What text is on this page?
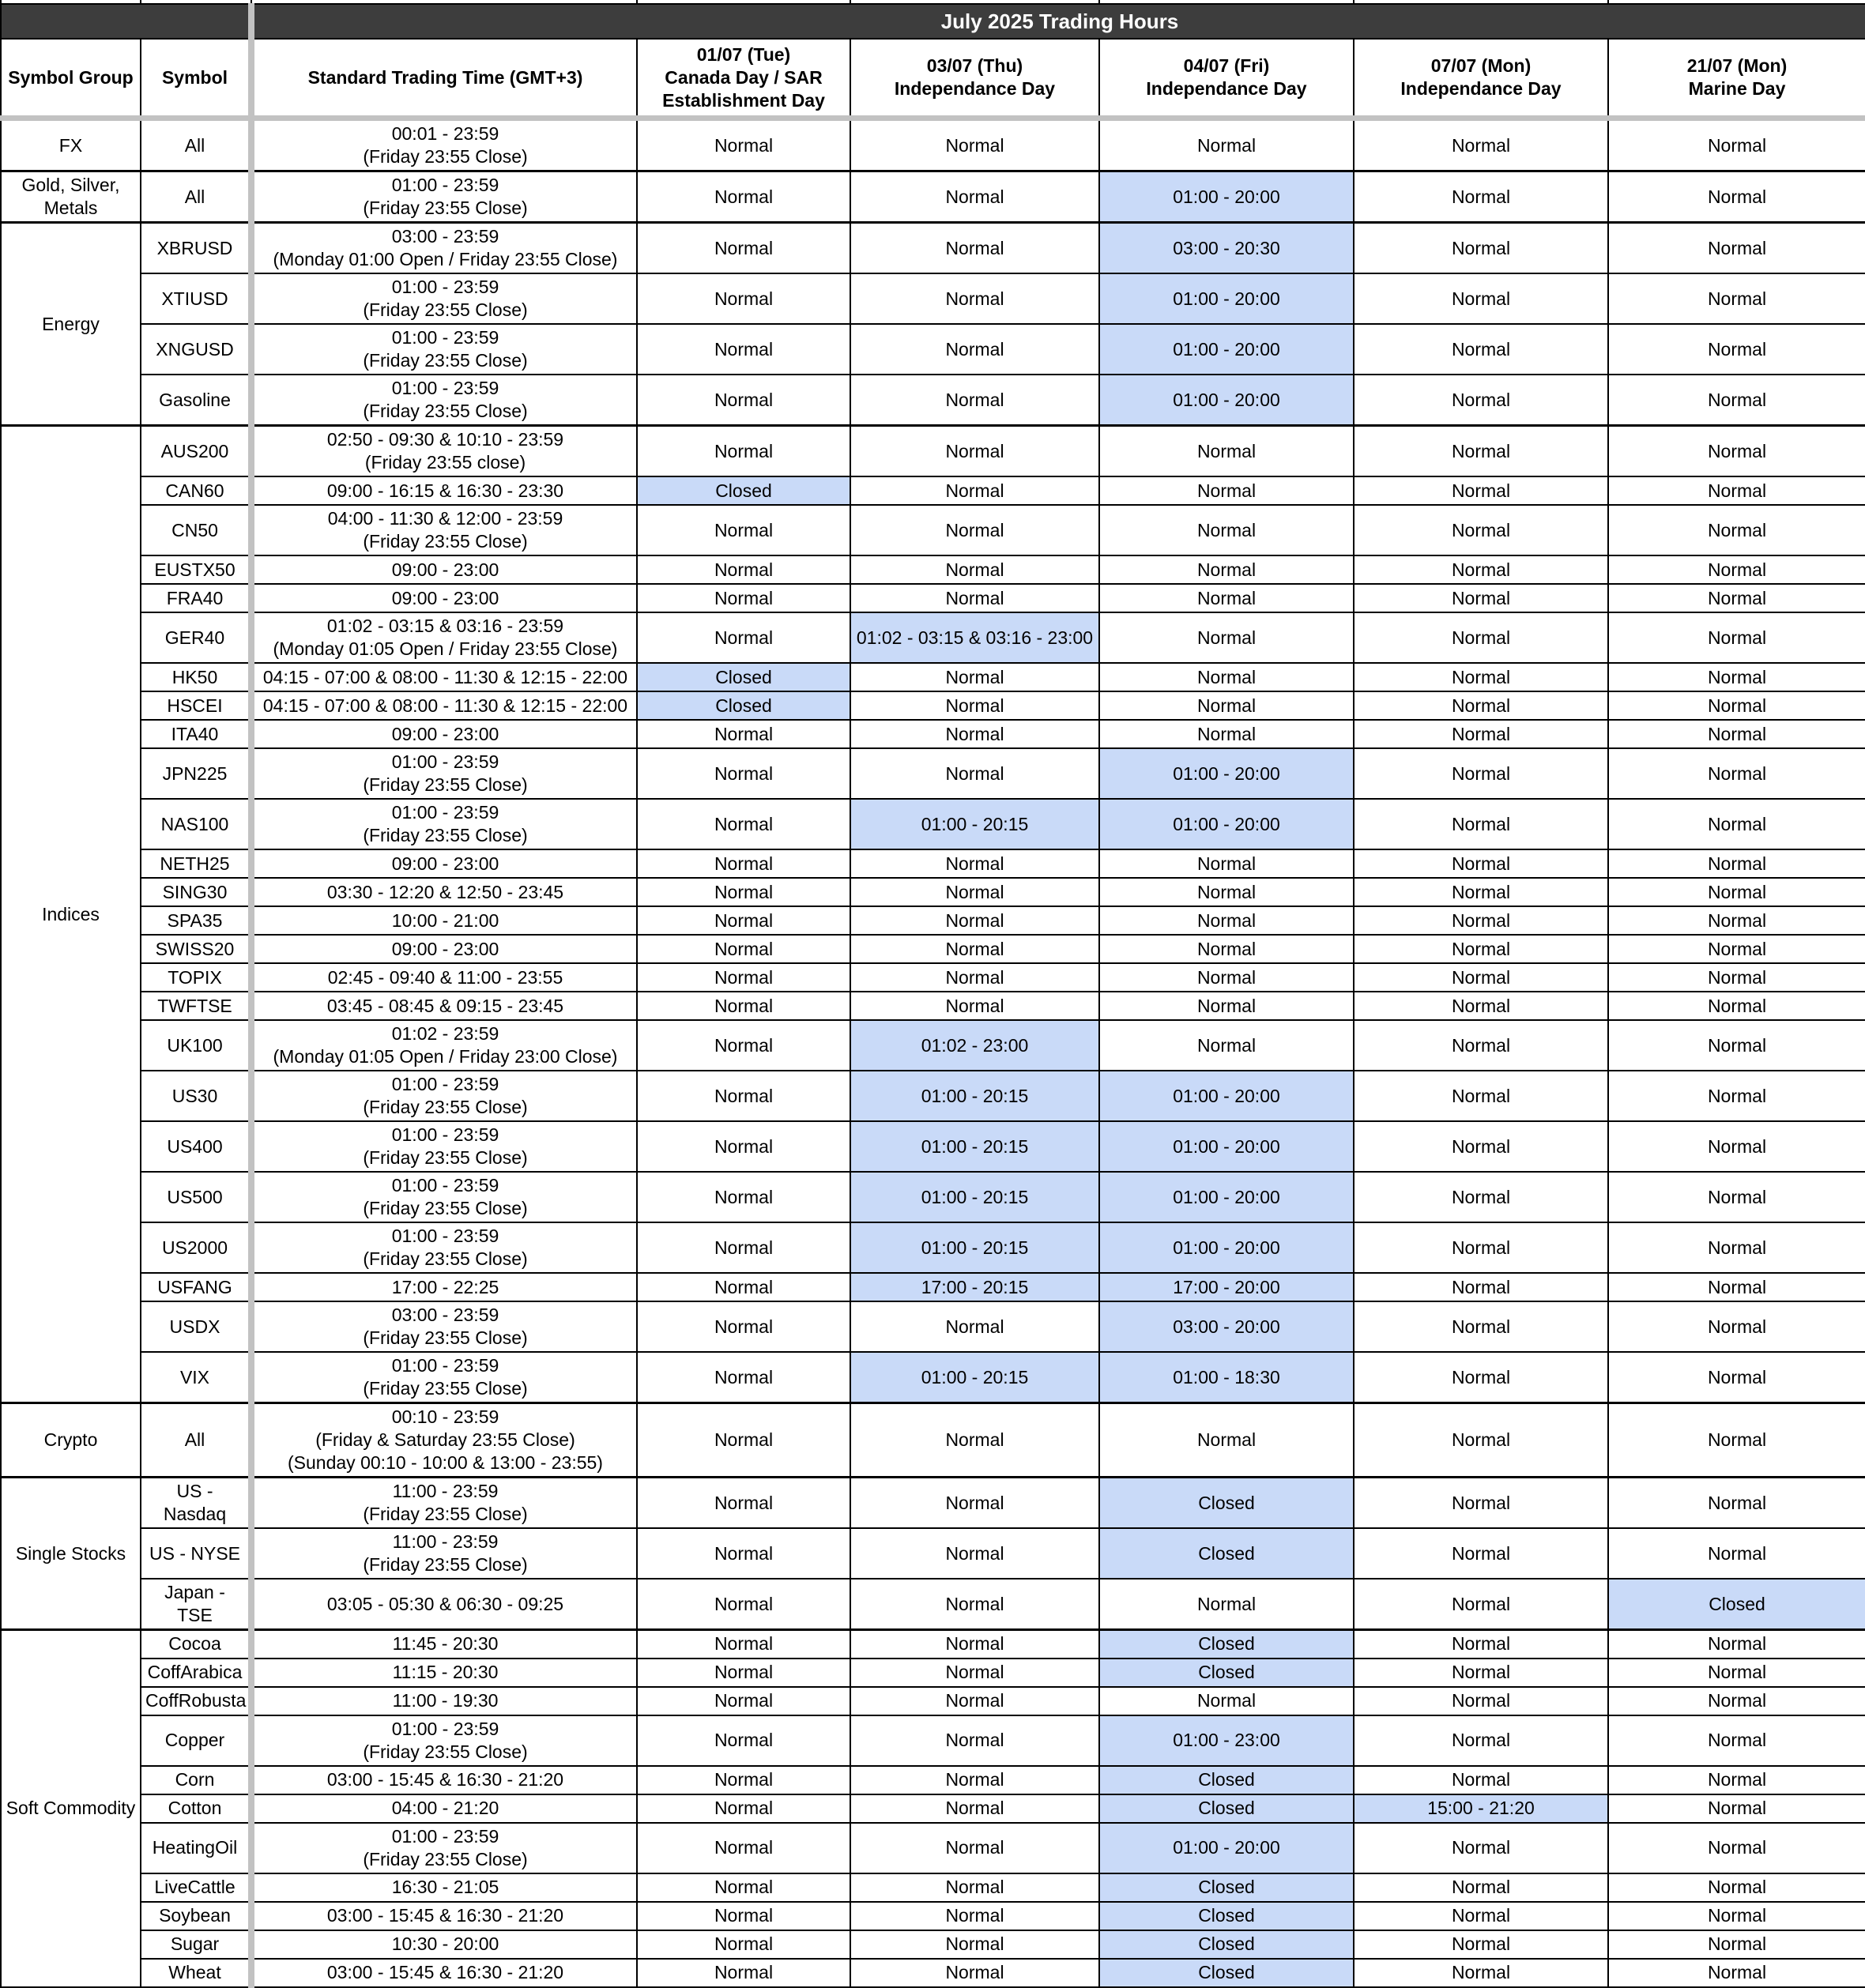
		July 2025 Trading Hours					

Symbol Group	Symbol	Standard Trading Time (GMT+3)	01/07 (Tue)
Canada Day / SAR
Establishment Day	03/07 (Thu)
Independance Day	04/07 (Fri)
Independance Day	07/07 (Mon)
Independance Day	21/07 (Mon)
Marine Day

FX	All	00:01 - 23:59
(Friday 23:55 Close)	Normal	Normal	Normal	Normal	Normal
Gold, Silver, Metals	All	01:00 - 23:59
(Friday 23:55 Close)	Normal	Normal	01:00 - 20:00	Normal	Normal
Energy	XBRUSD	03:00 - 23:59
(Monday 01:00 Open / Friday 23:55 Close)	Normal	Normal	03:00 - 20:30	Normal	Normal
	XTIUSD	01:00 - 23:59
(Friday 23:55 Close)	Normal	Normal	01:00 - 20:00	Normal	Normal
	XNGUSD	01:00 - 23:59
(Friday 23:55 Close)	Normal	Normal	01:00 - 20:00	Normal	Normal
	Gasoline	01:00 - 23:59
(Friday 23:55 Close)	Normal	Normal	01:00 - 20:00	Normal	Normal
Indices	AUS200	02:50 - 09:30 & 10:10 - 23:59
(Friday 23:55 close)	Normal	Normal	Normal	Normal	Normal
	CAN60	09:00 - 16:15 & 16:30 - 23:30	Closed	Normal	Normal	Normal	Normal
	CN50	04:00 - 11:30 & 12:00 - 23:59
(Friday 23:55 Close)	Normal	Normal	Normal	Normal	Normal
	EUSTX50	09:00 - 23:00	Normal	Normal	Normal	Normal	Normal
	FRA40	09:00 - 23:00	Normal	Normal	Normal	Normal	Normal
	GER40	01:02 - 03:15 & 03:16 - 23:59
(Monday 01:05 Open / Friday 23:55 Close)	Normal	01:02 - 03:15 & 03:16 - 23:00	Normal	Normal	Normal
	HK50	04:15 - 07:00 & 08:00 - 11:30 & 12:15 - 22:00	Closed	Normal	Normal	Normal	Normal
	HSCEI	04:15 - 07:00 & 08:00 - 11:30 & 12:15 - 22:00	Closed	Normal	Normal	Normal	Normal
	ITA40	09:00 - 23:00	Normal	Normal	Normal	Normal	Normal
	JPN225	01:00 - 23:59
(Friday 23:55 Close)	Normal	Normal	01:00 - 20:00	Normal	Normal
	NAS100	01:00 - 23:59
(Friday 23:55 Close)	Normal	01:00 - 20:15	01:00 - 20:00	Normal	Normal
	NETH25	09:00 - 23:00	Normal	Normal	Normal	Normal	Normal
	SING30	03:30 - 12:20 & 12:50 - 23:45	Normal	Normal	Normal	Normal	Normal
	SPA35	10:00 - 21:00	Normal	Normal	Normal	Normal	Normal
	SWISS20	09:00 - 23:00	Normal	Normal	Normal	Normal	Normal
	TOPIX	02:45 - 09:40 & 11:00 - 23:55	Normal	Normal	Normal	Normal	Normal
	TWFTSE	03:45 - 08:45 & 09:15 - 23:45	Normal	Normal	Normal	Normal	Normal
	UK100	01:02 - 23:59
(Monday 01:05 Open / Friday 23:00 Close)	Normal	01:02 - 23:00	Normal	Normal	Normal
	US30	01:00 - 23:59
(Friday 23:55 Close)	Normal	01:00 - 20:15	01:00 - 20:00	Normal	Normal
	US400	01:00 - 23:59
(Friday 23:55 Close)	Normal	01:00 - 20:15	01:00 - 20:00	Normal	Normal
	US500	01:00 - 23:59
(Friday 23:55 Close)	Normal	01:00 - 20:15	01:00 - 20:00	Normal	Normal
	US2000	01:00 - 23:59
(Friday 23:55 Close)	Normal	01:00 - 20:15	01:00 - 20:00	Normal	Normal
	USFANG	17:00 - 22:25	Normal	17:00 - 20:15	17:00 - 20:00	Normal	Normal
	USDX	03:00 - 23:59
(Friday 23:55 Close)	Normal	Normal	03:00 - 20:00	Normal	Normal
	VIX	01:00 - 23:59
(Friday 23:55 Close)	Normal	01:00 - 20:15	01:00 - 18:30	Normal	Normal
Crypto	All	00:10 - 23:59
(Friday & Saturday 23:55 Close)
(Sunday 00:10 - 10:00 & 13:00 - 23:55)	Normal	Normal	Normal	Normal	Normal
Single Stocks	US - Nasdaq	11:00 - 23:59
(Friday 23:55 Close)	Normal	Normal	Closed	Normal	Normal
	US - NYSE	11:00 - 23:59
(Friday 23:55 Close)	Normal	Normal	Closed	Normal	Normal
	Japan - TSE	03:05 - 05:30 & 06:30 - 09:25	Normal	Normal	Normal	Normal	Closed
Soft Commodity	Cocoa	11:45 - 20:30	Normal	Normal	Closed	Normal	Normal
	CoffArabica	11:15 - 20:30	Normal	Normal	Closed	Normal	Normal
	CoffRobusta	11:00 - 19:30	Normal	Normal	Normal	Normal	Normal
	Copper	01:00 - 23:59
(Friday 23:55 Close)	Normal	Normal	01:00 - 23:00	Normal	Normal
	Corn	03:00 - 15:45 & 16:30 - 21:20	Normal	Normal	Closed	Normal	Normal
	Cotton	04:00 - 21:20	Normal	Normal	Closed	15:00 - 21:20	Normal
	HeatingOil	01:00 - 23:59
(Friday 23:55 Close)	Normal	Normal	01:00 - 20:00	Normal	Normal
	LiveCattle	16:30 - 21:05	Normal	Normal	Closed	Normal	Normal
	Soybean	03:00 - 15:45 & 16:30 - 21:20	Normal	Normal	Closed	Normal	Normal
	Sugar	10:30 - 20:00	Normal	Normal	Closed	Normal	Normal
	Wheat	03:00 - 15:45 & 16:30 - 21:20	Normal	Normal	Closed	Normal	Normal
